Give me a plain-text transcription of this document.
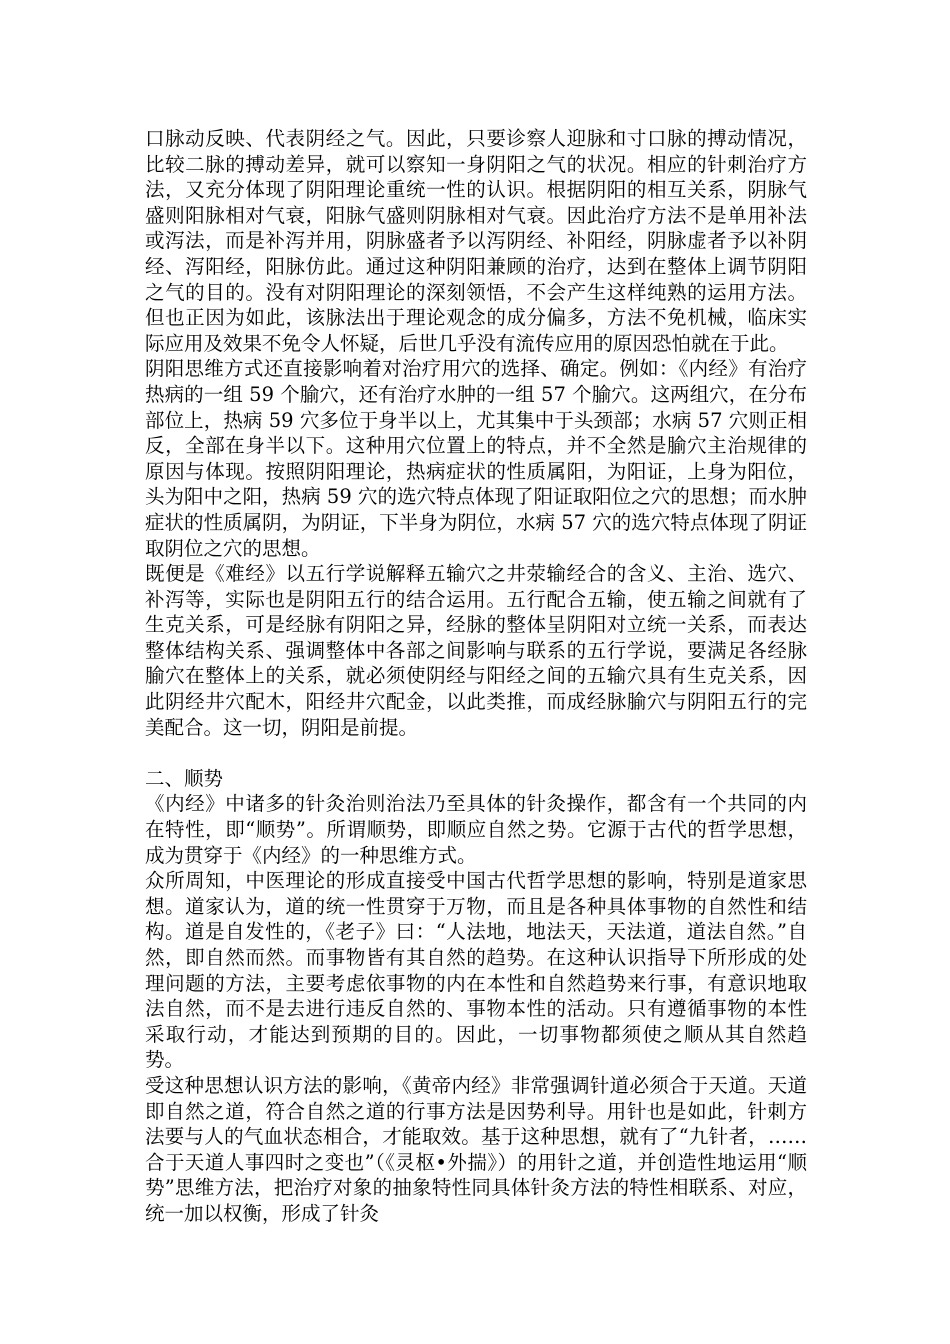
口脉动反映、代表阴经之气。因此，只要诊察人迎脉和寸口脉的搏动情况，比较二脉的搏动差异，就可以察知一身阴阳之气的状况。相应的针刺治疗方法，又充分体现了阴阳理论重统一性的认识。根据阴阳的相互关系，阴脉气盛则阳脉相对气衰，阳脉气盛则阴脉相对气衰。因此治疗方法不是单用补法或泻法，而是补泻并用，阴脉盛者予以泻阴经、补阳经，阴脉虚者予以补阴经、泻阳经，阳脉仿此。通过这种阴阳兼顾的治疗，达到在整体上调节阴阳之气的目的。没有对阴阳理论的深刻领悟，不会产生这样纯熟的运用方法。但也正因为如此，该脉法出于理论观念的成分偏多，方法不免机械，临床实际应用及效果不免令人怀疑，后世几乎没有流传应用的原因恐怕就在于此。

阴阳思维方式还直接影响着对治疗用穴的选择、确定。例如：《内经》有治疗热病的一组 59 个腧穴，还有治疗水肿的一组 57 个腧穴。这两组穴，在分布部位上，热病 59 穴多位于身半以上，尤其集中于头颈部；水病 57 穴则正相反，全部在身半以下。这种用穴位置上的特点，并不全然是腧穴主治规律的原因与体现。按照阴阳理论，热病症状的性质属阳，为阳证，上身为阳位，头为阳中之阳，热病 59 穴的选穴特点体现了阳证取阳位之穴的思想；而水肿症状的性质属阴，为阴证，下半身为阴位，水病 57 穴的选穴特点体现了阴证取阴位之穴的思想。

既便是《难经》以五行学说解释五输穴之井荥输经合的含义、主治、选穴、补泻等，实际也是阴阳五行的结合运用。五行配合五输，使五输之间就有了生克关系，可是经脉有阴阳之异，经脉的整体呈阴阳对立统一关系，而表达整体结构关系、强调整体中各部之间影响与联系的五行学说，要满足各经脉腧穴在整体上的关系，就必须使阴经与阳经之间的五输穴具有生克关系，因此阴经井穴配木，阳经井穴配金，以此类推，而成经脉腧穴与阴阳五行的完美配合。这一切，阴阳是前提。

二、顺势

《内经》中诸多的针灸治则治法乃至具体的针灸操作，都含有一个共同的内在特性，即“顺势”。所谓顺势，即顺应自然之势。它源于古代的哲学思想，成为贯穿于《内经》的一种思维方式。

众所周知，中医理论的形成直接受中国古代哲学思想的影响，特别是道家思想。道家认为，道的统一性贯穿于万物，而且是各种具体事物的自然性和结构。道是自发性的，《老子》曰：“人法地，地法天，天法道，道法自然。”自然，即自然而然。而事物皆有其自然的趋势。在这种认识指导下所形成的处理问题的方法，主要考虑依事物的内在本性和自然趋势来行事，有意识地取法自然，而不是去进行违反自然的、事物本性的活动。只有遵循事物的本性采取行动，才能达到预期的目的。因此，一切事物都须使之顺从其自然趋势。

受这种思想认识方法的影响，《黄帝内经》非常强调针道必须合于天道。天道即自然之道，符合自然之道的行事方法是因势利导。用针也是如此，针刺方法要与人的气血状态相合，才能取效。基于这种思想，就有了“九针者，……合于天道人事四时之变也”（《灵枢•外揣》）的用针之道，并创造性地运用“顺势”思维方法，把治疗对象的抽象特性同具体针灸方法的特性相联系、对应，统一加以权衡，形成了针灸
